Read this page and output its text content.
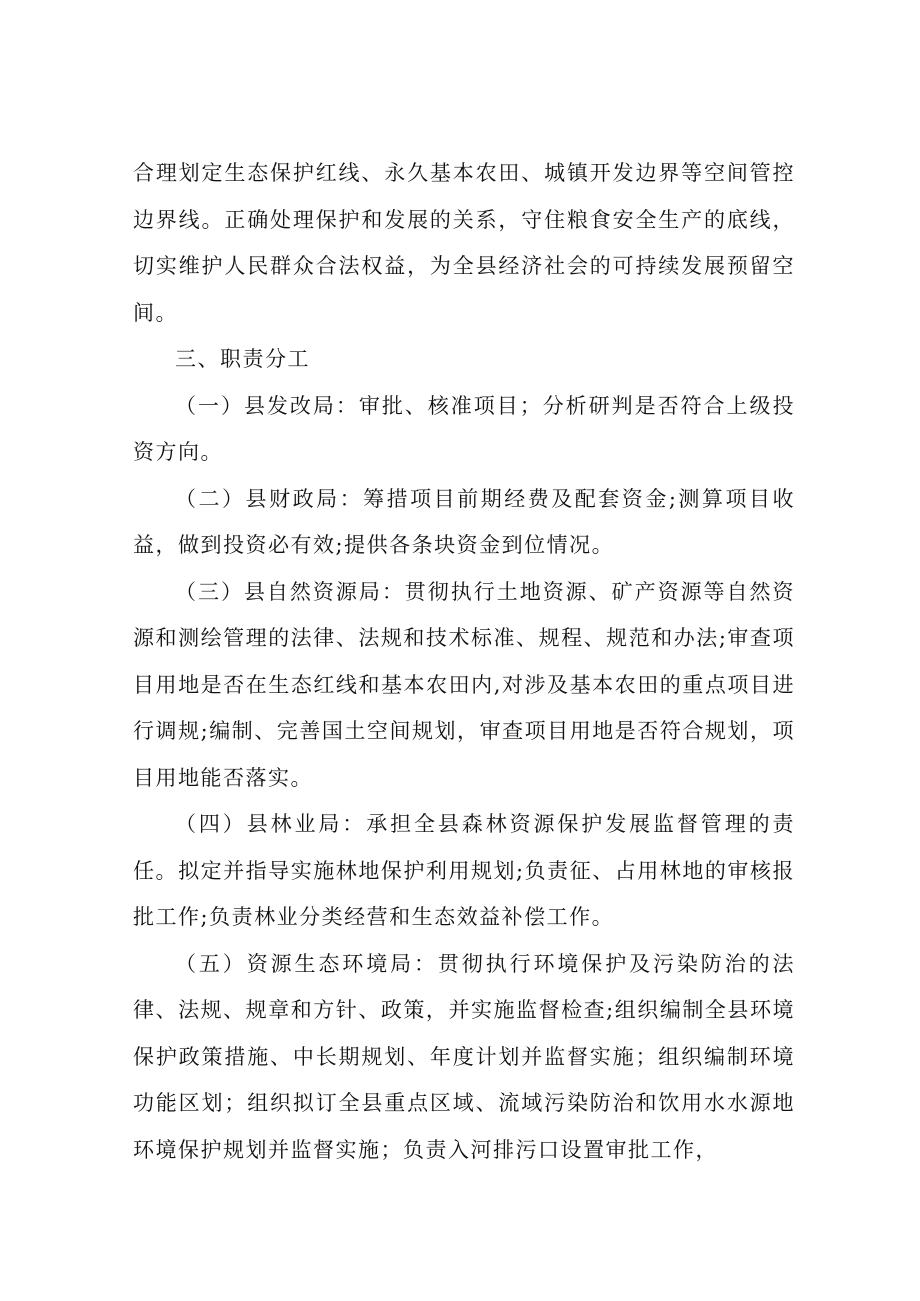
合理划定生态保护红线、永久基本农田、城镇开发边界等空间管控边界线。正确处理保护和发展的关系，守住粮食安全生产的底线，切实维护人民群众合法权益，为全县经济社会的可持续发展预留空间。

三、职责分工

（一）县发改局：审批、核准项目；分析研判是否符合上级投资方向。

（二）县财政局：筹措项目前期经费及配套资金;测算项目收益，做到投资必有效;提供各条块资金到位情况。

（三）县自然资源局：贯彻执行土地资源、矿产资源等自然资源和测绘管理的法律、法规和技术标准、规程、规范和办法;审查项目用地是否在生态红线和基本农田内,对涉及基本农田的重点项目进行调规;编制、完善国土空间规划，审查项目用地是否符合规划，项目用地能否落实。

（四）县林业局：承担全县森林资源保护发展监督管理的责任。拟定并指导实施林地保护利用规划;负责征、占用林地的审核报批工作;负责林业分类经营和生态效益补偿工作。

（五）资源生态环境局：贯彻执行环境保护及污染防治的法律、法规、规章和方针、政策，并实施监督检查;组织编制全县环境保护政策措施、中长期规划、年度计划并监督实施；组织编制环境功能区划；组织拟订全县重点区域、流域污染防治和饮用水水源地环境保护规划并监督实施；负责入河排污口设置审批工作，
